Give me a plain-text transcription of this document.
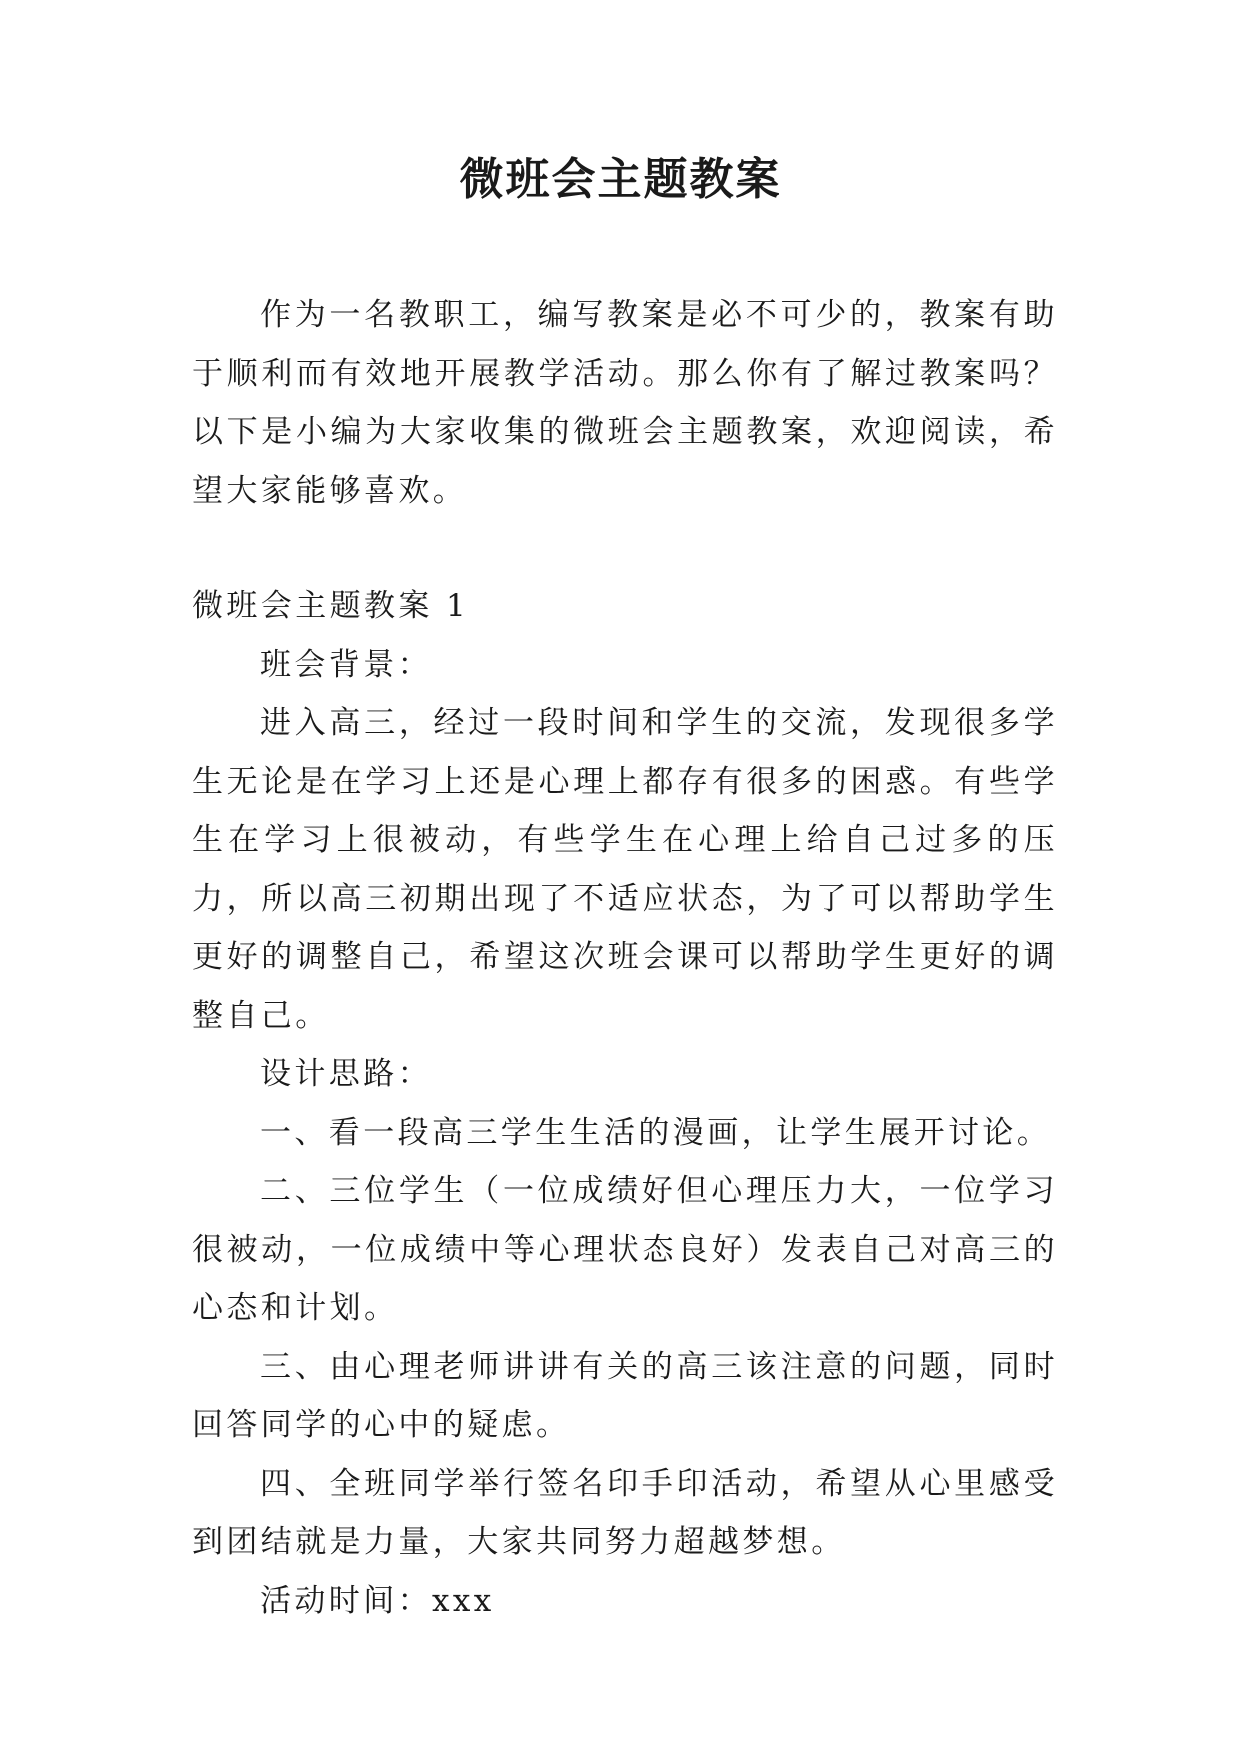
微班会主题教案

作为一名教职工，编写教案是必不可少的，教案有助于顺利而有效地开展教学活动。那么你有了解过教案吗？以下是小编为大家收集的微班会主题教案，欢迎阅读，希望大家能够喜欢。

微班会主题教案 1

班会背景：

进入高三，经过一段时间和学生的交流，发现很多学生无论是在学习上还是心理上都存有很多的困惑。有些学生在学习上很被动，有些学生在心理上给自己过多的压力，所以高三初期出现了不适应状态，为了可以帮助学生更好的调整自己，希望这次班会课可以帮助学生更好的调整自己。

设计思路：

一、看一段高三学生生活的漫画，让学生展开讨论。

二、三位学生（一位成绩好但心理压力大，一位学习很被动，一位成绩中等心理状态良好）发表自己对高三的心态和计划。

三、由心理老师讲讲有关的高三该注意的问题，同时回答同学的心中的疑虑。

四、全班同学举行签名印手印活动，希望从心里感受到团结就是力量，大家共同努力超越梦想。

活动时间：xxx
